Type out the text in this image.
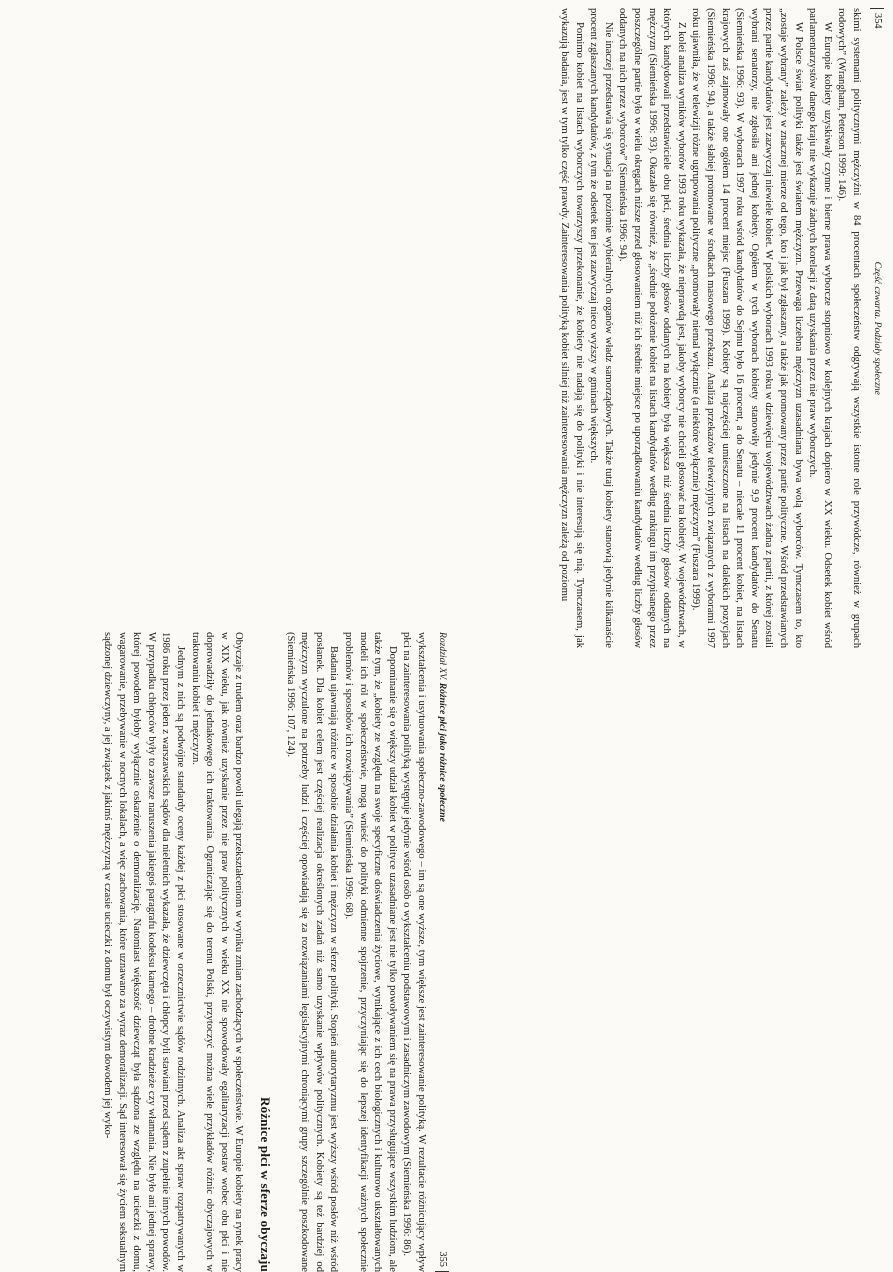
354
Część czwarta. Podziały społeczne

skimi systemami politycznymi mężczyźni w 84 procentach społeczeństw odgrywają wszystkie istotne role przywódcze, również w grupach rodowych” (Wrangham, Peterson 1999: 146).

W Europie kobiety uzyskiwały czynne i bierne prawa wyborcze stopniowo w kolejnych krajach dopiero w XX wieku. Odsetek kobiet wśród parlamentarzystów danego kraju nie wykazuje żadnych korelacji z datą uzyskania przez nie praw wyborczych.

W Polsce świat polityki także jest światem mężczyzn. Przewaga liczebna mężczyzn uzasadniana bywa wolą wyborców. Tymczasem to, kto „zostaje wybrany” zależy w znacznej mierze od tego, kto i jak był zgłaszany, a także jak promowany przez partie polityczne. Wśród przedstawianych przez partie kandydatów jest zazwyczaj niewiele kobiet. W polskich wyborach 1993 roku w dziewięciu województwach żadna z partii, z której zostali wybrani senatorzy, nie zgłosiła ani jednej kobiety. Ogółem w tych wyborach kobiety stanowiły jedynie 9,9 procent kandydatów do Senatu (Siemieńska 1996: 93). W wyborach 1997 roku wśród kandydatów do Sejmu było 16 procent, a do Senatu – niecałe 11 procent kobiet, na listach krajowych zaś zajmowały one ogółem 14 procent miejsc (Fuszara 1999). Kobiety są najczęściej umieszczone na listach na dalekich pozycjach (Siemieńska 1996: 94), a także słabiej promowane w środkach masowego przekazu. Analiza przekazów telewizyjnych związanych z wyborami 1997 roku ujawniła, że w telewizji różne ugrupowania polityczne „promowały niemal wyłącznie (a niektóre wyłącznie) mężczyzn” (Fuszara 1999).

Z kolei analiza wyników wyborów 1993 roku wykazała, że nieprawdą jest, jakoby wyborcy nie chcieli głosować na kobiety. W województwach, w których kandydowali przedstawiciele obu płci, średnia liczby głosów oddanych na kobiety była większa niż średnia liczby głosów oddanych na mężczyzn (Siemieńska 1996: 93). Okazało się również, że „średnie położenie kobiet na listach kandydatów według rankingu im przypisanego przez poszczególne partie było w wielu okręgach niższe przed głosowaniem niż ich średnie miejsce po uporządkowaniu kandydatów według liczby głosów oddanych na nich przez wyborców” (Siemieńska 1996: 94).

Nie inaczej przedstawia się sytuacja na poziomie wybieralnych organów władz samorządowych. Także tutaj kobiety stanowią jedynie kilkanaście procent zgłaszanych kandydatów, z tym że odsetek ten jest zazwyczaj nieco wyższy w gminach większych.

Pomimo kobiet na listach wyborczych towarzyszy przekonanie, że kobiety nie nadają się do polityki i nie interesują się nią. Tymczasem, jak wykazują badania, jest w tym tylko część prawdy. Zainteresowania polityką kobiet silniej niż zainteresowania mężczyzn zależą od poziomu

Rozdział XV. Różnice płci jako różnice społeczne
355

wykształcenia i usytuowania społeczno-zawodowego – im są one wyższe, tym większe jest zainteresowanie polityką. W rezultacie różnicujący wpływ płci na zainteresowania polityką występuje jedynie wśród osób o wykształceniu podstawowym i zasadniczym zawodowym (Siemieńska 1996: 86).

Dopominanie się o większy udział kobiet w polityce uzasadniane jest nie tylko powoływaniem się na prawa przysługujące wszystkim ludziom, ale także tym, że „kobiety ze względu na swoje specyficzne doświadczenia życiowe, wynikające z ich cech biologicznych i kulturowo ukształtowanych modeli ich ról w społeczeństwie, mogą wnieść do polityki odmienne spojrzenie, przyczyniając się do lepszej identyfikacji ważnych społecznie problemów i sposobów ich rozwiązywania” (Siemieńska 1996: 68).

Badania ujawniają różnice w sposobie działania kobiet i mężczyzn w sferze polityki. Stopień autorytaryzmu jest wyższy wśród posłów niż wśród posłanek. Dla kobiet celem jest częściej realizacja określonych zadań niż samo uzyskanie wpływów politycznych. Kobiety są też bardziej od mężczyzn wyczulone na potrzeby ludzi i częściej opowiadają się za rozwiązaniami legislacyjnymi chroniącymi grupy szczególnie poszkodowane (Siemieńska 1996: 107, 124).

Różnice płci w sferze obyczaju

Obyczaje z trudem oraz bardzo powoli ulegają przekształceniom w wyniku zmian zachodzących w społeczeństwie. W Europie kobiety na rynek pracy w XIX wieku, jak również uzyskanie przez nie praw politycznych w wieku XX nie spowodowały egalitaryzacji postaw wobec obu płci i nie doprowadziły do jednakowego ich traktowania. Ograniczając się do terenu Polski, przytoczyć można wiele przykładów różnic obyczajowych w traktowaniu kobiet i mężczyzn.

Jednym z nich są podwójne standardy oceny każdej z płci stosowane w orzecznictwie sądów rodzinnych. Analiza akt spraw rozpatrywanych w 1986 roku przez jeden z warszawskich sądów dla nieletnich wykazała, że dziewczęta i chłopcy byli stawiani przed sądem z zupełnie innych powodów. W przypadku chłopców były to zawsze naruszenia jakiegoś paragrafu kodeksu karnego – drobne kradzieże czy włamania. Nie było ani jednej sprawy, której powodem byłoby wyłącznie oskarżenie o demoralizację. Natomiast większość dziewcząt była sądzona ze względu na ucieczki z domu, wagarowanie, przebywanie w nocnych lokalach, a więc zachowania, które uznawano za wyraz demoralizacji. Sąd interesował się życiem seksualnym sądzonej dziewczyny, a jej związek z jakimś mężczyzną w czasie ucieczki z domu był oczywistym dowodem jej wyko-
